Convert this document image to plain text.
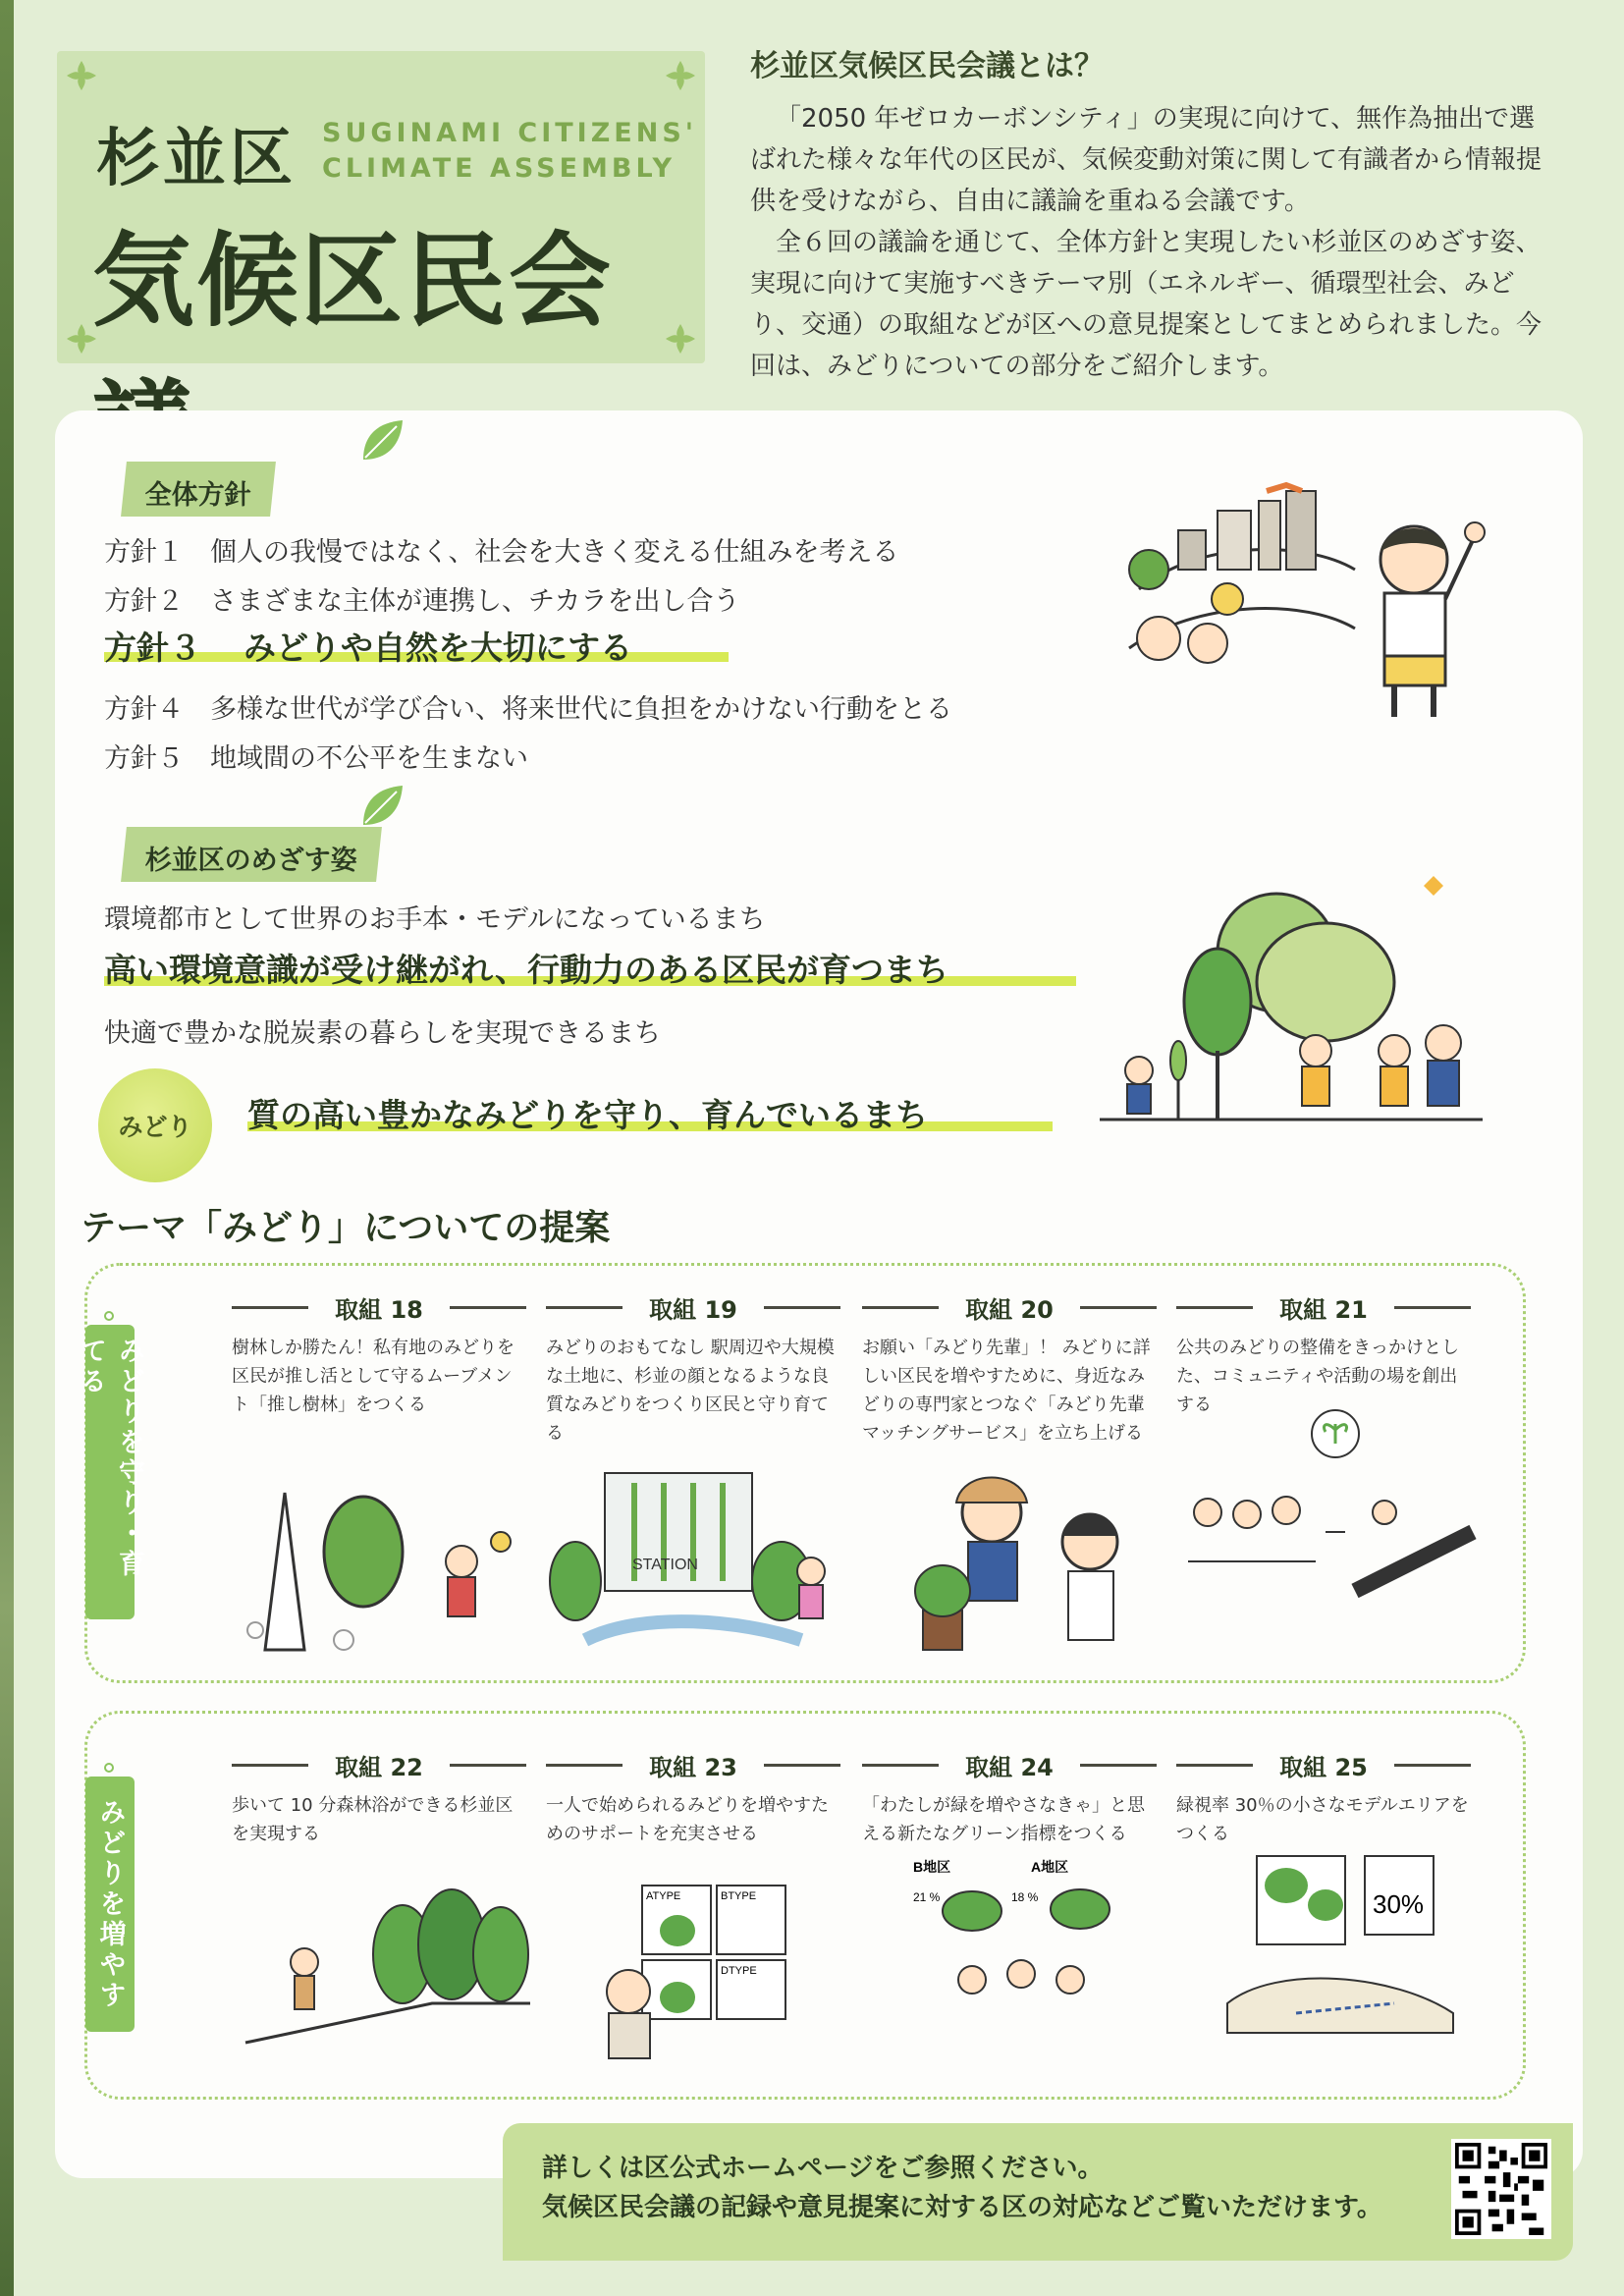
杉並区 SUGINAMI CITIZENS'
CLIMATE ASSEMBLY
気候区民会
杉並区気候区民会議とは？

「2050 年ゼロカーボンシティ」の実現に向けて、無作為抽出で選ばれた様々な年代の区民が、気候変動対策に関して有識者から情報提供を受けながら、自由に議論を重ねる会議です。

全６回の議論を通じて、全体方針と実現したい杉並区のめざす姿、実現に向けて実施すべきテーマ別（エネルギー、循環型社会、みどり、交通）の取組などが区への意見提案としてまとめられました。今回は、みどりについての部分をご紹介します。

全体方針
方針１ 個人の我慢ではなく、社会を大きく変える仕組みを考える
方針２ さまざまな主体が連携し、チカラを出し合う
方針３ みどりや自然を大切にする
方針４ 多様な世代が学び合い、将来世代に負担をかけない行動をとる
方針５ 地域間の不公平を生まない
杉並区のめざす姿
環境都市として世界のお手本・モデルになっているまち
高い環境意識が受け継がれ、行動力のある区民が育つまち
快適で豊かな脱炭素の暮らしを実現できるまち
みどり	質の高い豊かなみどりを守り、育んでいるまち
テーマ「みどり」についての提案
みどりを守り・育てる
取組 18
樹林しか勝たん！私有地のみどりを区民が推し活として守るムーブメント「推し樹林」をつくる
取組 19
みどりのおもてなし 駅周辺や大規模な土地に、杉並の顔となるような良質なみどりをつくり区民と守り育てる
取組 20
お願い「みどり先輩」！ みどりに詳しい区民を増やすために、身近なみどりの専門家とつなぐ「みどり先輩マッチングサービス」を立ち上げる
取組 21
公共のみどりの整備をきっかけとした、コミュニティや活動の場を創出する
STATION
みどりを増やす
取組 22
歩いて 10 分森林浴ができる杉並区を実現する
取組 23
一人で始められるみどりを増やすためのサポートを充実させる
取組 24
「わたしが緑を増やさなきゃ」と思える新たなグリーン指標をつくる
取組 25
緑視率 30％の小さなモデルエリアをつくる
ATYPE	BTYPE
DTYPE
B地区	A地区
21 %	18 %	30%

詳しくは区公式ホームページをご参照ください。

気候区民会議の記録や意見提案に対する区の対応などご覧いただけます。
